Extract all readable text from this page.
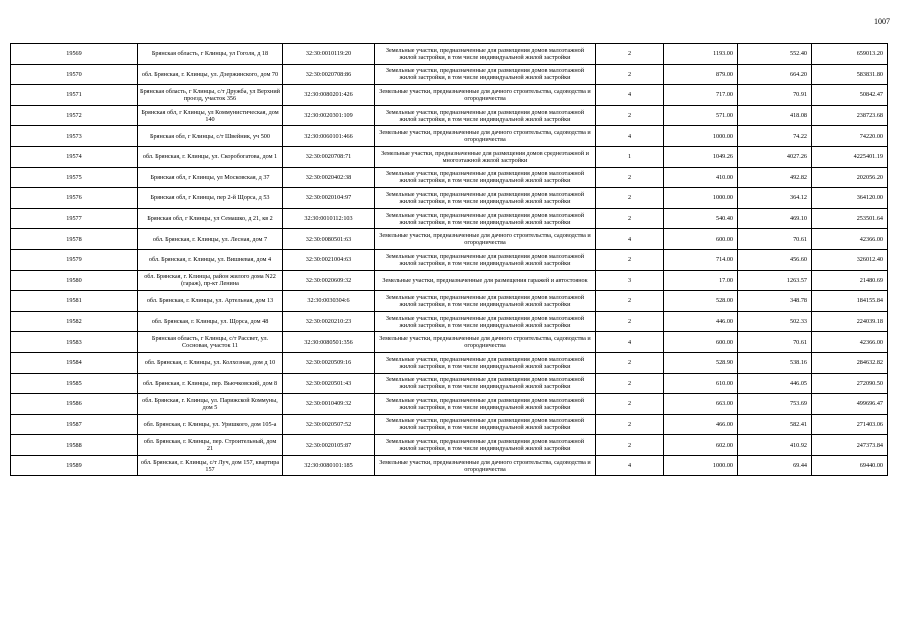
1007
19569	Брянская область, г Клинцы, ул Гоголя, д 18	32:30:0010119:20	Земельные участки, предназначенные для размещения домов малоэтажной жилой застройки, в том числе индивидуальной жилой застройки	2	1193.00	552.40	659013.20
19570	обл. Брянская, г. Клинцы, ул. Дзержинского, дом 70	32:30:0020708:86	Земельные участки, предназначенные для размещения домов малоэтажной жилой застройки, в том числе индивидуальной жилой застройки	2	879.00	664.20	583831.80
19571	Брянская область, г Клинцы, с/т Дружба, ул Верхний проезд, участок 356	32:30:0080201:426	Земельные участки, предназначенные для дачного строительства, садоводства и огородничества	4	717.00	70.91	50842.47
19572	Брянская обл, г Клинцы, ул Коммунистическая, дом 140	32:30:0020301:109	Земельные участки, предназначенные для размещения домов малоэтажной жилой застройки, в том числе индивидуальной жилой застройки	2	571.00	418.08	238723.68
19573	Брянская обл, г Клинцы, с/т Швейник, уч 500	32:30:0060101:466	Земельные участки, предназначенные для дачного строительства, садоводства и огородничества	4	1000.00	74.22	74220.00
19574	обл. Брянская, г. Клинцы, ул. Скоробогатова, дом 1	32:30:0020708:71	Земельные участки, предназначенные для размещения домов среднеэтажной и многоэтажной жилой застройки	1	1049.26	4027.26	4225401.19
19575	Брянская обл, г Клинцы, ул Московская, д 37	32:30:0020402:38	Земельные участки, предназначенные для размещения домов малоэтажной жилой застройки, в том числе индивидуальной жилой застройки	2	410.00	492.82	202056.20
19576	Брянская обл, г Клинцы, пер 2-й Щорса, д 53	32:30:0020104:97	Земельные участки, предназначенные для размещения домов малоэтажной жилой застройки, в том числе индивидуальной жилой застройки	2	1000.00	364.12	364120.00
19577	Брянская обл, г Клинцы, ул Семашко, д 21, кв 2	32:30:0010112:103	Земельные участки, предназначенные для размещения домов малоэтажной жилой застройки, в том числе индивидуальной жилой застройки	2	540.40	469.10	253501.64
19578	обл. Брянская, г. Клинцы, ул. Лесная, дом 7	32:30:0080501:63	Земельные участки, предназначенные для дачного строительства, садоводства и огородничества	4	600.00	70.61	42366.00
19579	обл. Брянская, г. Клинцы, ул. Вишневая, дом 4	32:30:0021004:63	Земельные участки, предназначенные для размещения домов малоэтажной жилой застройки, в том числе индивидуальной жилой застройки	2	714.00	456.60	326012.40
19580	обл. Брянская, г. Клинцы, район жилого дома N22 (гараж), пр-кт Ленина	32:30:0020609:32	Земельные участки, предназначенные для размещения гаражей и автостоянок	3	17.00	1263.57	21480.69
19581	обл. Брянская, г. Клинцы, ул. Артельная, дом 13	32:30:0030304:6	Земельные участки, предназначенные для размещения домов малоэтажной жилой застройки, в том числе индивидуальной жилой застройки	2	528.00	348.78	184155.84
19582	обл. Брянская, г. Клинцы, ул. Щорса, дом 48	32:30:0020210:23	Земельные участки, предназначенные для размещения домов малоэтажной жилой застройки, в том числе индивидуальной жилой застройки	2	446.00	502.33	224039.18
19583	Брянская область, г Клинцы, с/т Рассвет, ул. Сосновая, участок 11	32:30:0080501:356	Земельные участки, предназначенные для дачного строительства, садоводства и огородничества	4	600.00	70.61	42366.00
19584	обл. Брянская, г. Клинцы, ул. Колхозная, дом д 10	32:30:0020509:16	Земельные участки, предназначенные для размещения домов малоэтажной жилой застройки, в том числе индивидуальной жилой застройки	2	528.90	538.16	284632.82
19585	обл. Брянская, г. Клинцы, пер. Вьючковский, дом 8	32:30:0020501:43	Земельные участки, предназначенные для размещения домов малоэтажной жилой застройки, в том числе индивидуальной жилой застройки	2	610.00	446.05	272090.50
19586	обл. Брянская, г. Клинцы, ул. Парижской Коммуны, дом 5	32:30:0010409:32	Земельные участки, предназначенные для размещения домов малоэтажной жилой застройки, в том числе индивидуальной жилой застройки	2	663.00	753.69	499696.47
19587	обл. Брянская, г. Клинцы, ул. Уришкого, дом 105-а	32:30:0020507:52	Земельные участки, предназначенные для размещения домов малоэтажной жилой застройки, в том числе индивидуальной жилой застройки	2	466.00	582.41	271403.06
19588	обл. Брянская, г. Клинцы, пер. Строительный, дом 21	32:30:0020105:87	Земельные участки, предназначенные для размещения домов малоэтажной жилой застройки, в том числе индивидуальной жилой застройки	2	602.00	410.92	247373.84
19589	обл. Брянская, г. Клинцы, с/т Луч, дом 157, квартира 157	32:30:0080101:185	Земельные участки, предназначенные для дачного строительства, садоводства и огородничества	4	1000.00	69.44	69440.00
